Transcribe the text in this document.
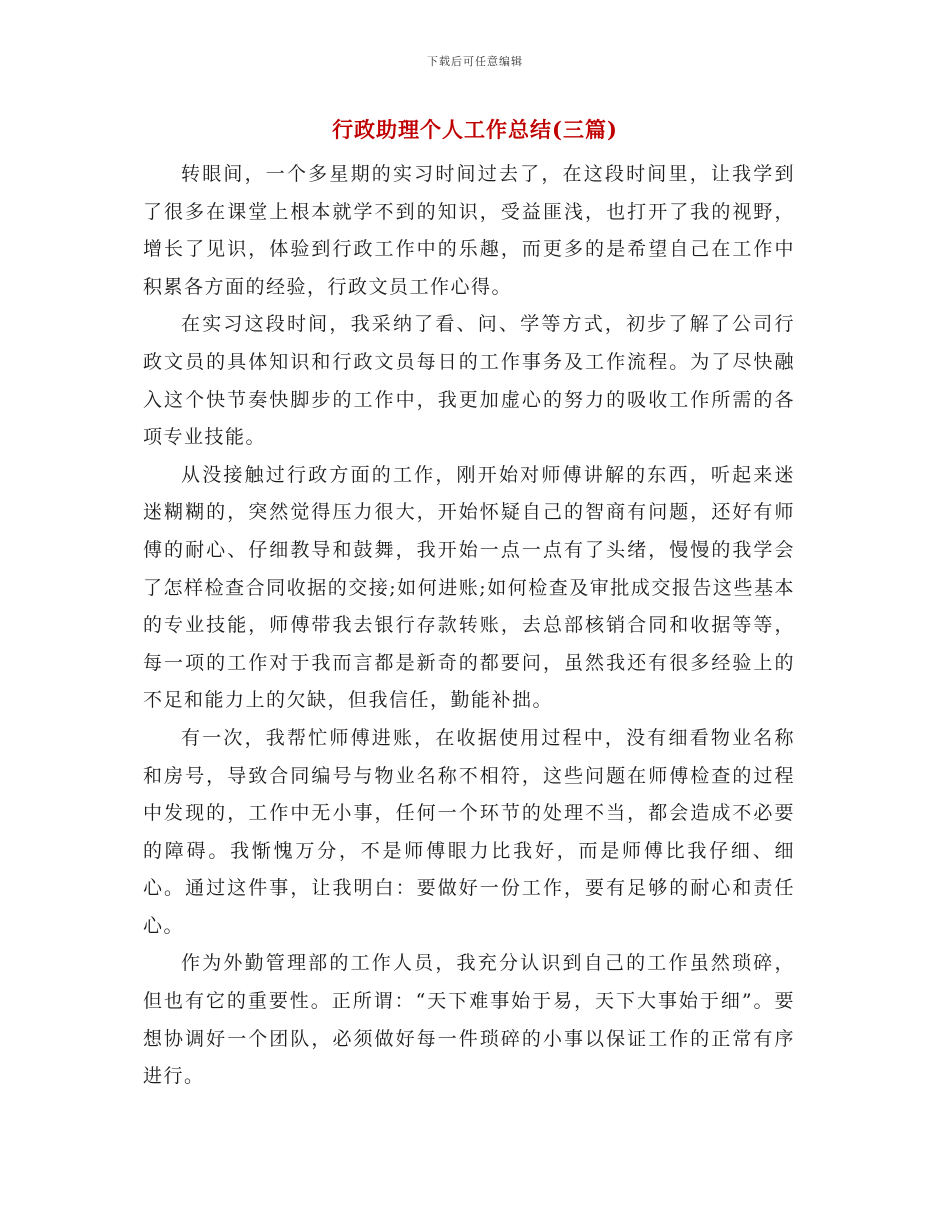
下载后可任意编辑
行政助理个人工作总结(三篇)

转眼间，一个多星期的实习时间过去了，在这段时间里，让我学到了很多在课堂上根本就学不到的知识，受益匪浅，也打开了我的视野，增长了见识，体验到行政工作中的乐趣，而更多的是希望自己在工作中积累各方面的经验，行政文员工作心得。

在实习这段时间，我采纳了看、问、学等方式，初步了解了公司行政文员的具体知识和行政文员每日的工作事务及工作流程。为了尽快融入这个快节奏快脚步的工作中，我更加虚心的努力的吸收工作所需的各项专业技能。

从没接触过行政方面的工作，刚开始对师傅讲解的东西，听起来迷迷糊糊的，突然觉得压力很大，开始怀疑自己的智商有问题，还好有师傅的耐心、仔细教导和鼓舞，我开始一点一点有了头绪，慢慢的我学会了怎样检查合同收据的交接;如何进账;如何检查及审批成交报告这些基本的专业技能，师傅带我去银行存款转账，去总部核销合同和收据等等，每一项的工作对于我而言都是新奇的都要问，虽然我还有很多经验上的不足和能力上的欠缺，但我信任，勤能补拙。

有一次，我帮忙师傅进账，在收据使用过程中，没有细看物业名称和房号，导致合同编号与物业名称不相符，这些问题在师傅检查的过程中发现的，工作中无小事，任何一个环节的处理不当，都会造成不必要的障碍。我惭愧万分，不是师傅眼力比我好，而是师傅比我仔细、细心。通过这件事，让我明白：要做好一份工作，要有足够的耐心和责任心。

作为外勤管理部的工作人员，我充分认识到自己的工作虽然琐碎，但也有它的重要性。正所谓：“天下难事始于易，天下大事始于细”。要想协调好一个团队，必须做好每一件琐碎的小事以保证工作的正常有序进行。
